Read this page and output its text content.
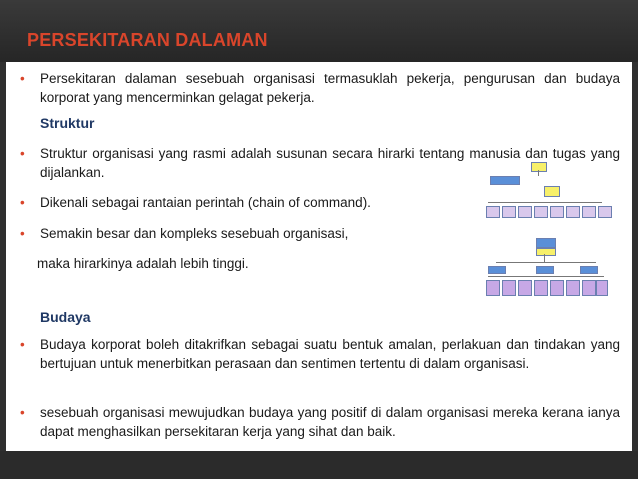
PERSEKITARAN DALAMAN
• Persekitaran dalaman sesebuah organisasi termasuklah pekerja, pengurusan dan budaya korporat yang mencerminkan gelagat pekerja.
Struktur
• Struktur organisasi yang rasmi adalah susunan secara hirarki tentang manusia dan tugas yang dijalankan.
• Dikenali sebagai rantaian perintah (chain of command).
• Semakin besar dan kompleks sesebuah organisasi,
maka hirarkinya adalah lebih tinggi.
Budaya
• Budaya korporat boleh ditakrifkan sebagai suatu bentuk amalan, perlakuan dan tindakan yang bertujuan untuk menerbitkan perasaan dan sentimen tertentu di dalam organisasi.
• sesebuah organisasi mewujudkan budaya yang positif di dalam organisasi mereka kerana ianya dapat menghasilkan persekitaran kerja yang sihat dan baik.
